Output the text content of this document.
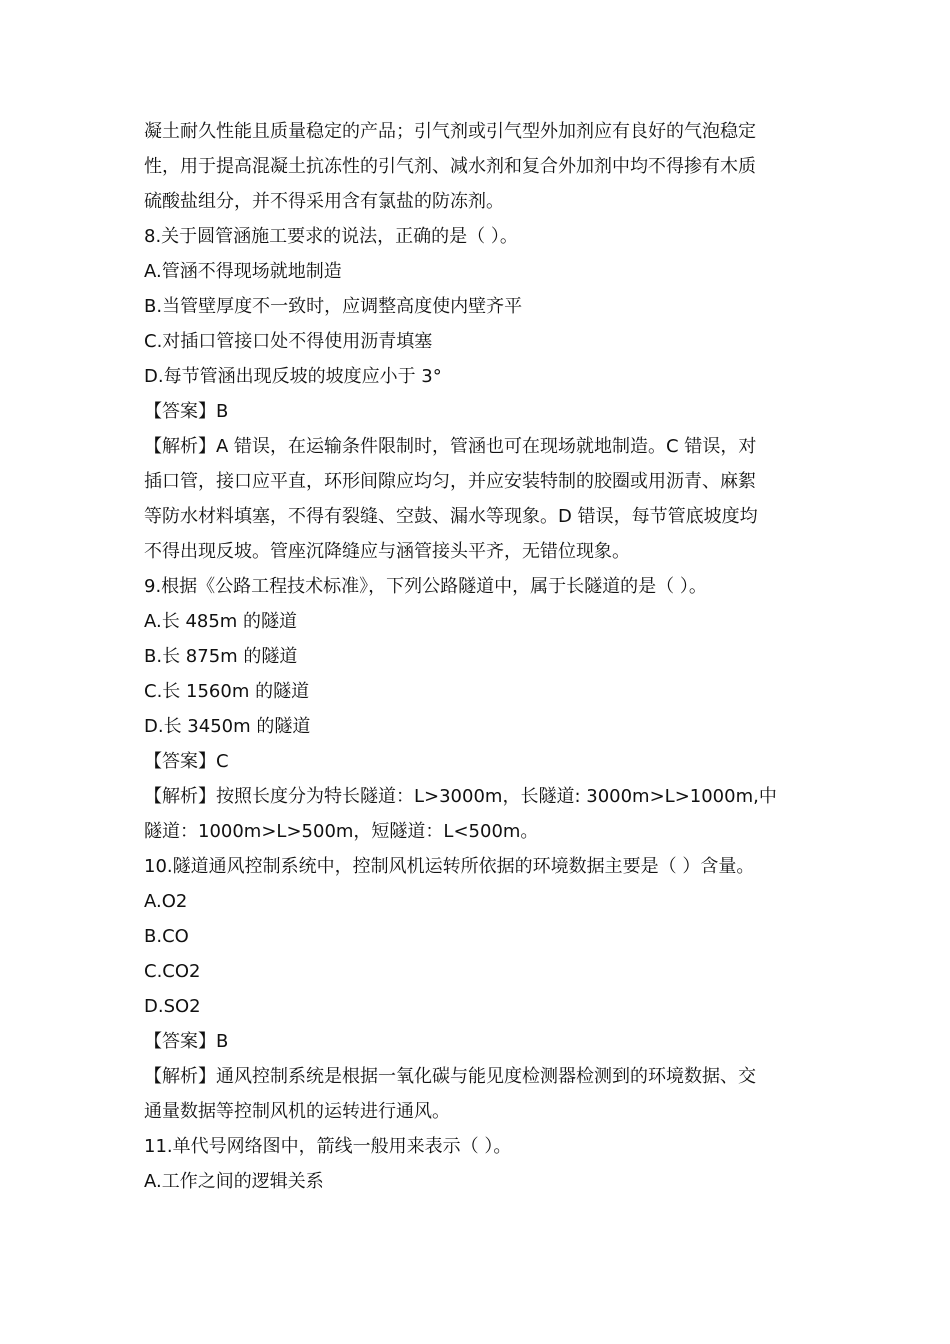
凝土耐久性能且质量稳定的产品；引气剂或引气型外加剂应有良好的气泡稳定
性，用于提高混凝土抗冻性的引气剂、减水剂和复合外加剂中均不得掺有木质
硫酸盐组分，并不得采用含有氯盐的防冻剂。
8.关于圆管涵施工要求的说法，正确的是（ ）。
A.管涵不得现场就地制造
B.当管壁厚度不一致时，应调整高度使内壁齐平
C.对插口管接口处不得使用沥青填塞
D.每节管涵出现反坡的坡度应小于 3°
【答案】B
【解析】A 错误，在运输条件限制时，管涵也可在现场就地制造。C 错误，对
插口管，接口应平直，环形间隙应均匀，并应安装特制的胶圈或用沥青、麻絮
等防水材料填塞，不得有裂缝、空鼓、漏水等现象。D 错误，每节管底坡度均
不得出现反坡。管座沉降缝应与涵管接头平齐，无错位现象。
9.根据《公路工程技术标准》，下列公路隧道中，属于长隧道的是（ ）。
A.长 485m 的隧道
B.长 875m 的隧道
C.长 1560m 的隧道
D.长 3450m 的隧道
【答案】C
【解析】按照长度分为特长隧道：L>3000m，长隧道: 3000m>L>1000m,中
隧道：1000m>L>500m，短隧道：L<500m。
10.隧道通风控制系统中，控制风机运转所依据的环境数据主要是（ ）含量。
A.O2
B.CO
C.CO2
D.SO2
【答案】B
【解析】通风控制系统是根据一氧化碳与能见度检测器检测到的环境数据、交
通量数据等控制风机的运转进行通风。
11.单代号网络图中，箭线一般用来表示（ ）。
A.工作之间的逻辑关系
